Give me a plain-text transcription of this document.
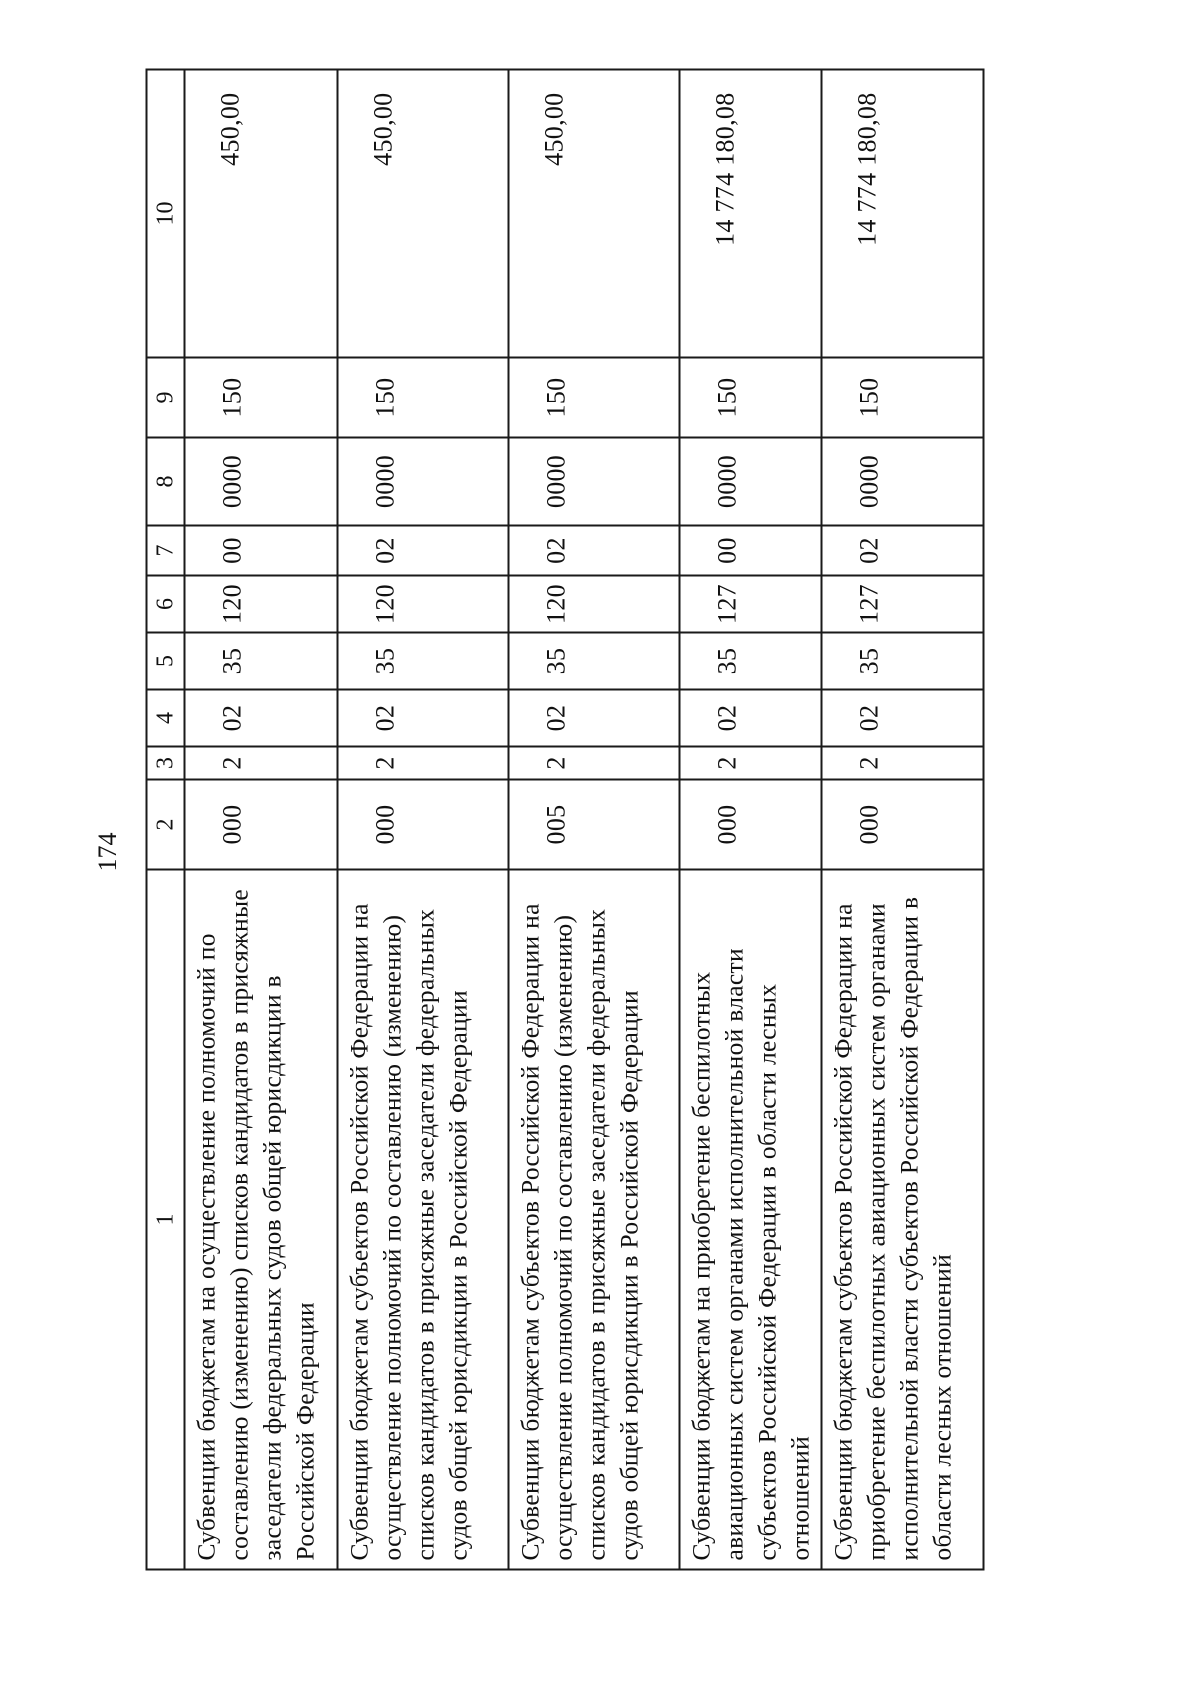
174
1	2	3	4	5	6	7	8	9	10
Субвенции бюджетам на осуществление полномочий по составлению (изменению) списков кандидатов в присяжные заседатели федеральных судов общей юрисдикции в Российской Федерации	000	2	02	35	120	00	0000	150	450,00
Субвенции бюджетам субъектов Российской Федерации на осуществление полномочий по составлению (изменению) списков кандидатов в присяжные заседатели федеральных судов общей юрисдикции в Российской Федерации	000	2	02	35	120	02	0000	150	450,00
Субвенции бюджетам субъектов Российской Федерации на осуществление полномочий по составлению (изменению) списков кандидатов в присяжные заседатели федеральных судов общей юрисдикции в Российской Федерации	005	2	02	35	120	02	0000	150	450,00
Субвенции бюджетам на приобретение беспилотных авиационных систем органами исполнительной власти субъектов Российской Федерации в области лесных отношений	000	2	02	35	127	00	0000	150	14 774 180,08
Субвенции бюджетам субъектов Российской Федерации на приобретение беспилотных авиационных систем органами исполнительной власти субъектов Российской Федерации в области лесных отношений	000	2	02	35	127	02	0000	150	14 774 180,08
